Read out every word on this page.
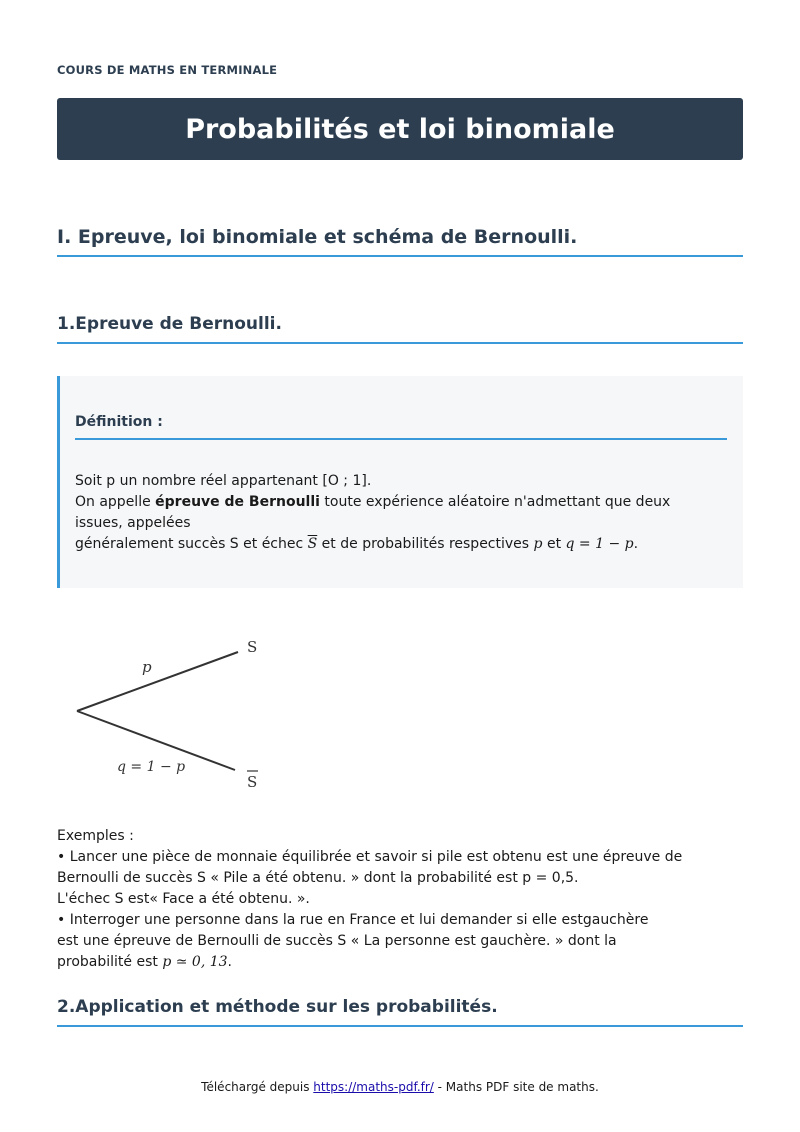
COURS DE MATHS EN TERMINALE
Probabilités et loi binomiale
I. Epreuve, loi binomiale et schéma de Bernoulli.
1.Epreuve de Bernoulli.
Définition :

Soit p un nombre réel appartenant [O ; 1].

On appelle épreuve de Bernoulli toute expérience aléatoire n'admettant que deux issues, appelées

généralement succès S et échec $\overline{S}$ et de probabilités respectives p et q = 1 − p.

p
q = 1 − p
S
S

Exemples :

• Lancer une pièce de monnaie équilibrée et savoir si pile est obtenu est une épreuve de

Bernoulli de succès S « Pile a été obtenu. » dont la probabilité est p = 0,5.

L'échec S est« Face a été obtenu. ».

• Interroger une personne dans la rue en France et lui demander si elle estgauchère

est une épreuve de Bernoulli de succès S « La personne est gauchère. » dont la

probabilité est p ≃ 0, 13.

2.Application et méthode sur les probabilités.
Téléchargé depuis https://maths-pdf.fr/ - Maths PDF site de maths.
